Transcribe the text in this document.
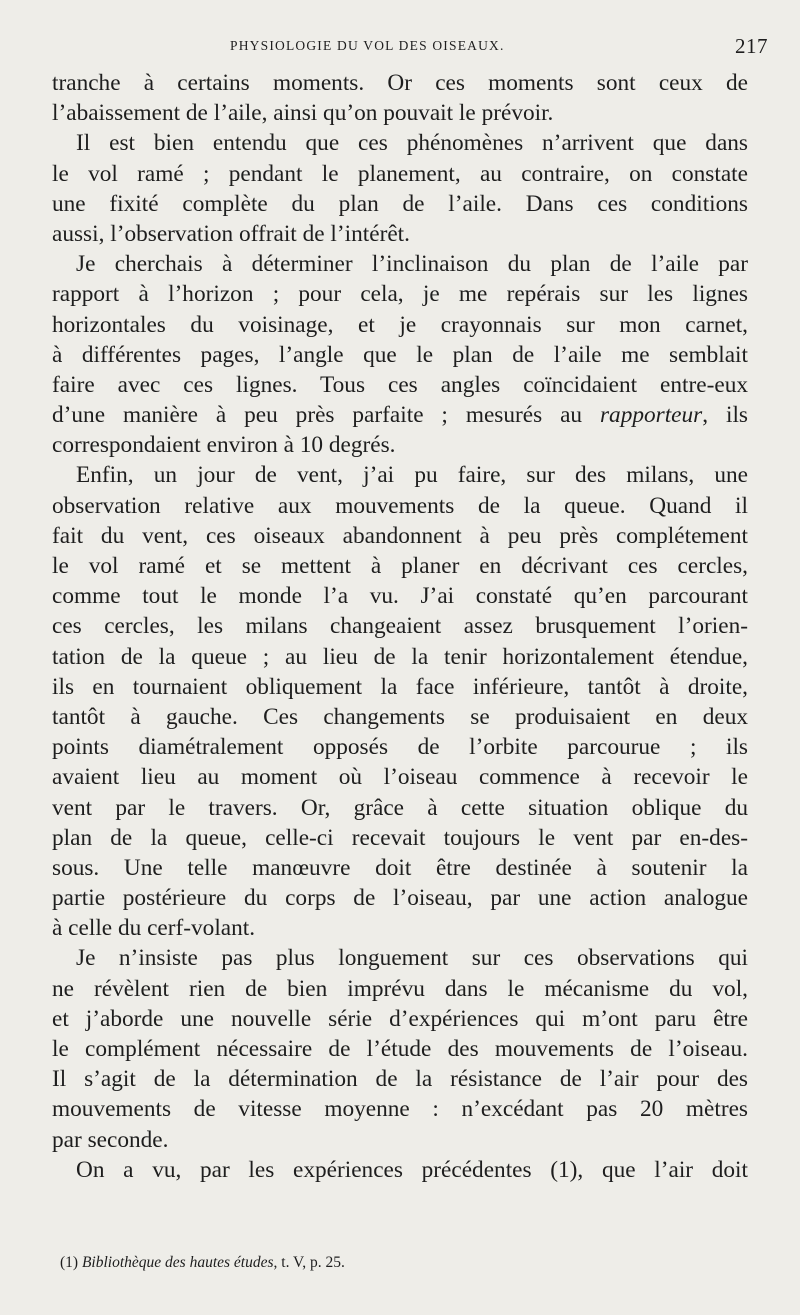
PHYSIOLOGIE DU VOL DES OISEAUX.	217
tranche à certains moments. Or ces moments sont ceux de
l’abaissement de l’aile, ainsi qu’on pouvait le prévoir.
Il est bien entendu que ces phénomènes n’arrivent que dans
le vol ramé ; pendant le planement, au contraire, on constate
une fixité complète du plan de l’aile. Dans ces conditions
aussi, l’observation offrait de l’intérêt.
Je cherchais à déterminer l’inclinaison du plan de l’aile par
rapport à l’horizon ; pour cela, je me repérais sur les lignes
horizontales du voisinage, et je crayonnais sur mon carnet,
à différentes pages, l’angle que le plan de l’aile me semblait
faire avec ces lignes. Tous ces angles coïncidaient entre-eux
d’une manière à peu près parfaite ; mesurés au rapporteur, ils
correspondaient environ à 10 degrés.
Enfin, un jour de vent, j’ai pu faire, sur des milans, une
observation relative aux mouvements de la queue. Quand il
fait du vent, ces oiseaux abandonnent à peu près complétement
le vol ramé et se mettent à planer en décrivant ces cercles,
comme tout le monde l’a vu. J’ai constaté qu’en parcourant
ces cercles, les milans changeaient assez brusquement l’orien-
tation de la queue ; au lieu de la tenir horizontalement étendue,
ils en tournaient obliquement la face inférieure, tantôt à droite,
tantôt à gauche. Ces changements se produisaient en deux
points diamétralement opposés de l’orbite parcourue ; ils
avaient lieu au moment où l’oiseau commence à recevoir le
vent par le travers. Or, grâce à cette situation oblique du
plan de la queue, celle-ci recevait toujours le vent par en-des-
sous. Une telle manœuvre doit être destinée à soutenir la
partie postérieure du corps de l’oiseau, par une action analogue
à celle du cerf-volant.
Je n’insiste pas plus longuement sur ces observations qui
ne révèlent rien de bien imprévu dans le mécanisme du vol,
et j’aborde une nouvelle série d’expériences qui m’ont paru être
le complément nécessaire de l’étude des mouvements de l’oiseau.
Il s’agit de la détermination de la résistance de l’air pour des
mouvements de vitesse moyenne : n’excédant pas 20 mètres
par seconde.
On a vu, par les expériences précédentes (1), que l’air doit
(1) Bibliothèque des hautes études, t. V, p. 25.
